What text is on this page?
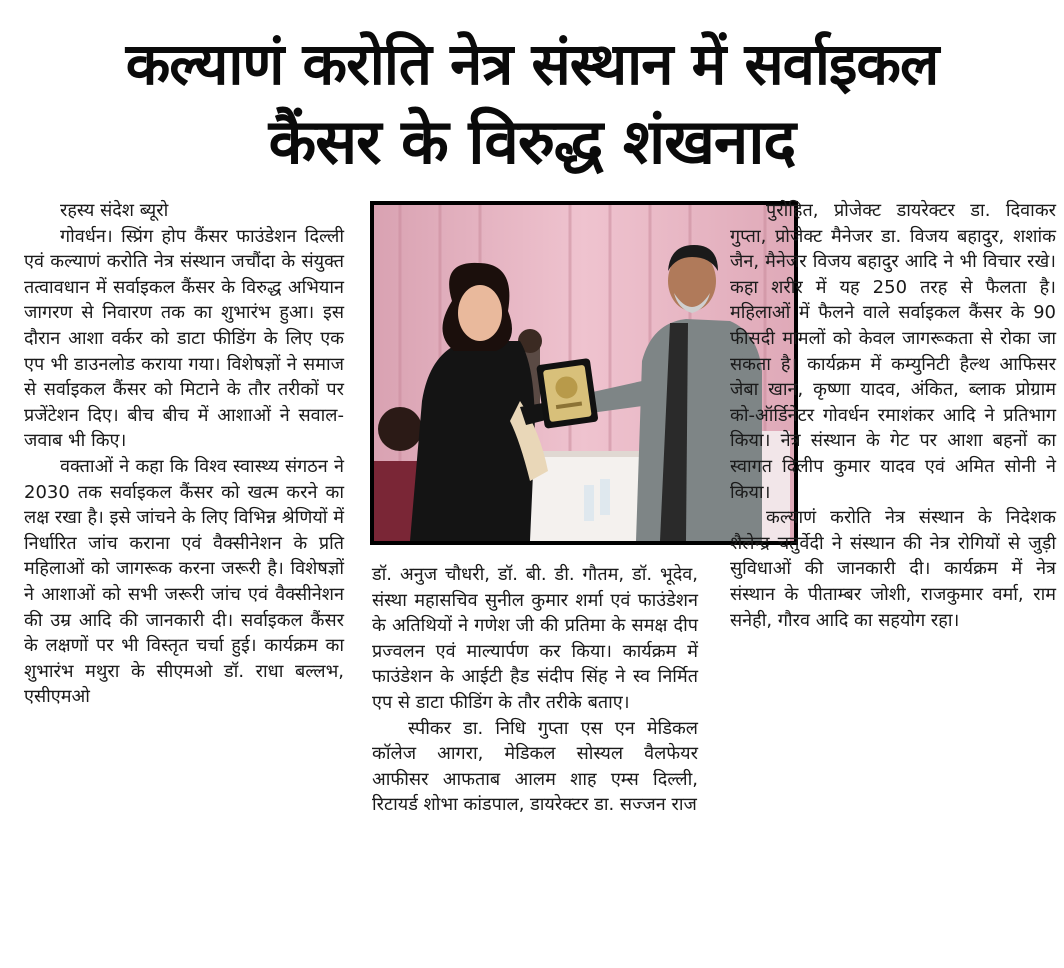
कल्याणं करोति नेत्र संस्थान में सर्वाइकल
कैंसर के विरुद्ध शंखनाद

रहस्य संदेश ब्यूरो

गोवर्धन। स्प्रिंग होप कैंसर फाउंडेशन दिल्ली एवं कल्याणं करोति नेत्र संस्थान जचौंदा के संयुक्त तत्वावधान में सर्वाइकल कैंसर के विरुद्ध अभियान जागरण से निवारण तक का शुभारंभ हुआ। इस दौरान आशा वर्कर को डाटा फीडिंग के लिए एक एप भी डाउनलोड कराया गया। विशेषज्ञों ने समाज से सर्वाइकल कैंसर को मिटाने के तौर तरीकों पर प्रजेंटेशन दिए। बीच बीच में आशाओं ने सवाल-जवाब भी किए।

वक्ताओं ने कहा कि विश्व स्वास्थ्य संगठन ने 2030 तक सर्वाइकल कैंसर को खत्म करने का लक्ष रखा है। इसे जांचने के लिए विभिन्न श्रेणियों में निर्धारित जांच कराना एवं वैक्सीनेशन के प्रति महिलाओं को जागरूक करना जरूरी है। विशेषज्ञों ने आशाओं को सभी जरूरी जांच एवं वैक्सीनेशन की उम्र आदि की जानकारी दी। सर्वाइकल कैंसर के लक्षणों पर भी विस्तृत चर्चा हुई। कार्यक्रम का शुभारंभ मथुरा के सीएमओ डॉ. राधा बल्लभ, एसीएमओ

डॉ. अनुज चौधरी, डॉ. बी. डी. गौतम, डॉ. भूदेव, संस्था महासचिव सुनील कुमार शर्मा एवं फाउंडेशन के अतिथियों ने गणेश जी की प्रतिमा के समक्ष दीप प्रज्वलन एवं माल्यार्पण कर किया। कार्यक्रम में फाउंडेशन के आईटी हैड संदीप सिंह ने स्व निर्मित एप से डाटा फीडिंग के तौर तरीके बताए।

स्पीकर डा. निधि गुप्ता एस एन मेडिकल कॉलेज आगरा, मेडिकल सोस्यल वैलफेयर आफीसर आफताब आलम शाह एम्स दिल्ली, रिटायर्ड शोभा कांडपाल, डायरेक्टर डा. सज्जन राज

पुरोहित, प्रोजेक्ट डायरेक्टर डा. दिवाकर गुप्ता, प्रोजेक्ट मैनेजर डा. विजय बहादुर, शशांक जैन, मैनेजर विजय बहादुर आदि ने भी विचार रखे। कहा शरीर में यह 250 तरह से फैलता है। महिलाओं में फैलने वाले सर्वाइकल कैंसर के 90 फीसदी मामलों को केवल जागरूकता से रोका जा सकता है। कार्यक्रम में कम्युनिटी हैल्थ आफिसर जेबा खान, कृष्णा यादव, अंकित, ब्लाक प्रोग्राम को-ऑर्डिनेटर गोवर्धन रमाशंकर आदि ने प्रतिभाग किया। नेत्र संस्थान के गेट पर आशा बहनों का स्वागत दिलीप कुमार यादव एवं अमित सोनी ने किया।

कल्याणं करोति नेत्र संस्थान के निदेशक शैलेन्द्र चतुर्वेदी ने संस्थान की नेत्र रोगियों से जुड़ी सुविधाओं की जानकारी दी। कार्यक्रम में नेत्र संस्थान के पीताम्बर जोशी, राजकुमार वर्मा, राम सनेही, गौरव आदि का सहयोग रहा।
